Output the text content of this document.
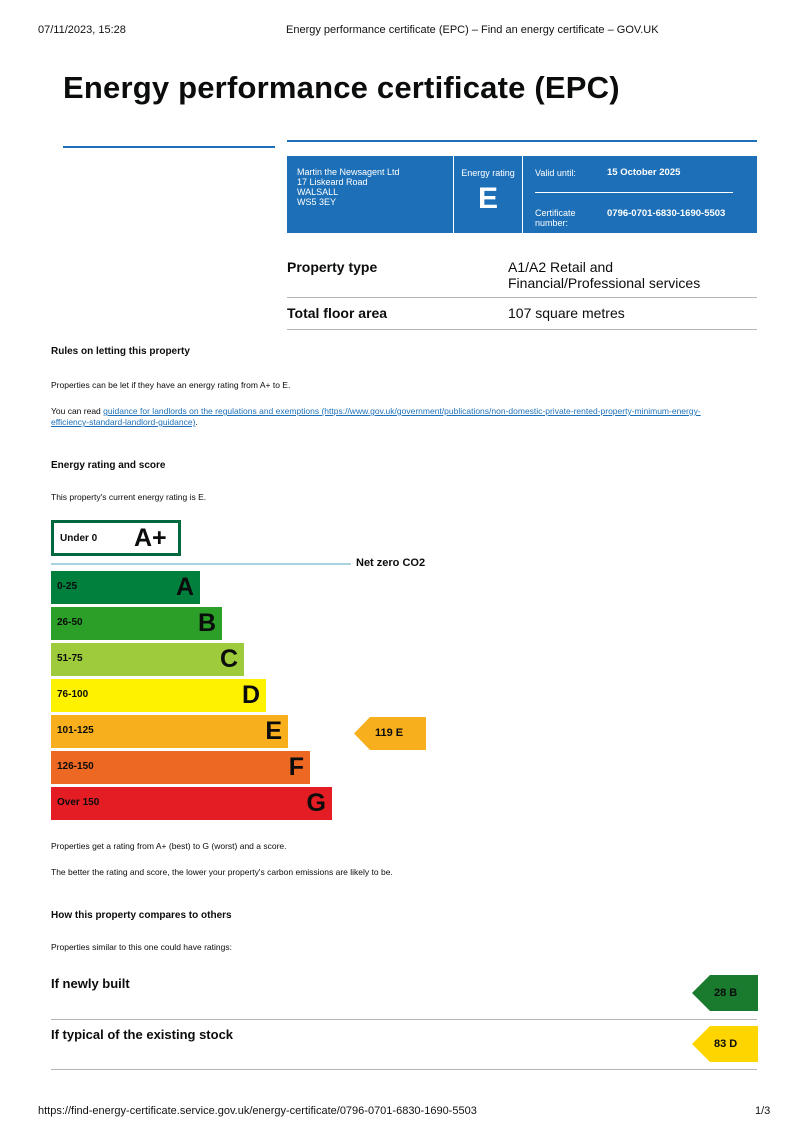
07/11/2023, 15:28	Energy performance certificate (EPC) – Find an energy certificate – GOV.UK
Energy performance certificate (EPC)
Martin the Newsagent Ltd
17 Liskeard Road
WALSALL
WS5 3EY
Energy rating
E
Valid until:	15 October 2025
Certificate number:
0796-0701-6830-1690-5503
Property type	A1/A2 Retail and
Financial/Professional services
Total floor area	107 square metres
Rules on letting this property
Properties can be let if they have an energy rating from A+ to E.
You can read guidance for landlords on the regulations and exemptions (https://www.gov.uk/government/publications/non-domestic-private-rented-property-minimum-energy-
efficiency-standard-landlord-guidance).
Energy rating and score
This property's current energy rating is E.
Under 0 A+
Net zero CO2
0-25	A
26-50	B
51-75	C
76-100	D
101-125	E
126-150	F
Over 150	G
119 E
Properties get a rating from A+ (best) to G (worst) and a score.
The better the rating and score, the lower your property's carbon emissions are likely to be.
How this property compares to others
Properties similar to this one could have ratings:
If newly built
28 B
If typical of the existing stock
83 D
https://find-energy-certificate.service.gov.uk/energy-certificate/0796-0701-6830-1690-5503	1/3
